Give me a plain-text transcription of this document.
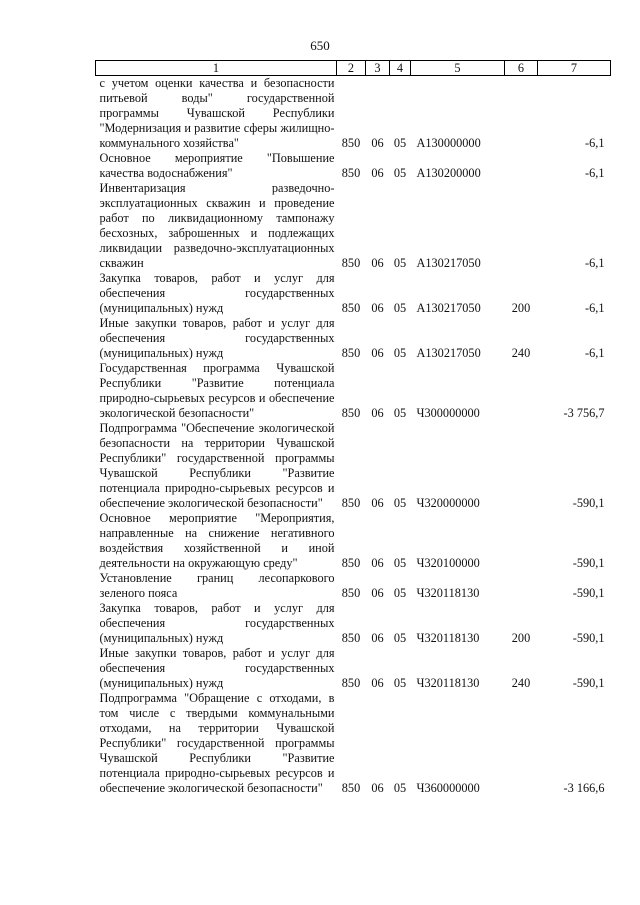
650
1	2	3	4	5	6	7
с учетом оценки качества и безопасности питьевой воды" государственной программы Чувашской Республики "Модернизация и развитие сферы жилищно-коммунального хозяйства"	850	06	05	А130000000		-6,1
Основное мероприятие "Повышение качества водоснабжения"	850	06	05	А130200000		-6,1
Инвентаризация разведочно-эксплуатационных скважин и проведение работ по ликвидационному тампонажу бесхозных, заброшенных и подлежащих ликвидации разведочно-эксплуатационных скважин	850	06	05	А130217050		-6,1
Закупка товаров, работ и услуг для обеспечения государственных (муниципальных) нужд	850	06	05	А130217050	200	-6,1
Иные закупки товаров, работ и услуг для обеспечения государственных (муниципальных) нужд	850	06	05	А130217050	240	-6,1
Государственная программа Чувашской Республики "Развитие потенциала природно-сырьевых ресурсов и обеспечение экологической безопасности"	850	06	05	Ч300000000		-3 756,7
Подпрограмма "Обеспечение экологической безопасности на территории Чувашской Республики" государственной программы Чувашской Республики "Развитие потенциала природно-сырьевых ресурсов и обеспечение экологической безопасности"	850	06	05	Ч320000000		-590,1
Основное мероприятие "Мероприятия, направленные на снижение негативного воздействия хозяйственной и иной деятельности на окружающую среду"	850	06	05	Ч320100000		-590,1
Установление границ лесопаркового зеленого пояса	850	06	05	Ч320118130		-590,1
Закупка товаров, работ и услуг для обеспечения государственных (муниципальных) нужд	850	06	05	Ч320118130	200	-590,1
Иные закупки товаров, работ и услуг для обеспечения государственных (муниципальных) нужд	850	06	05	Ч320118130	240	-590,1
Подпрограмма "Обращение с отходами, в том числе с твердыми коммунальными отходами, на территории Чувашской Республики" государственной программы Чувашской Республики "Развитие потенциала природно-сырьевых ресурсов и обеспечение экологической безопасности"	850	06	05	Ч360000000		-3 166,6
